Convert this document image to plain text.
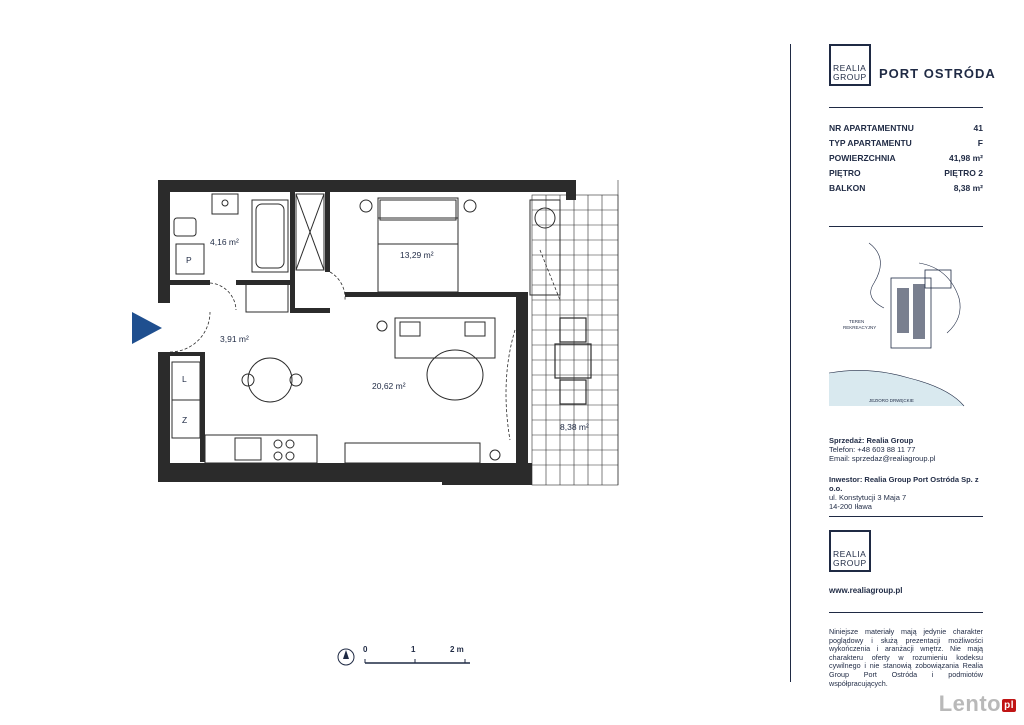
P
L
Z
4,16 m²
13,29 m²
3,91 m²
20,62 m²
8,38 m²
0	1	2 m
REALIA
GROUP PORT OSTRÓDA
NR APARTAMENTNU	41
TYP APARTAMENTU	F
POWIERZCHNIA	41,98 m²
PIĘTRO	PIĘTRO 2
BALKON	8,38 m²
TEREN
REKREACYJNY
JEZIORO DRWĘCKIE
Sprzedaż: Realia Group
Telefon: +48 603 88 11 77
Email: sprzedaz@realiagroup.pl
Inwestor: Realia Group Port Ostróda Sp. z o.o.
ul. Konstytucji 3 Maja 7
14-200 Iława
REALIA
GROUP
www.realiagroup.pl
Niniejsze materiały mają jedynie charakter poglądowy i służą prezentacji możliwości wykończenia i aranżacji wnętrz. Nie mają charakteru oferty w rozumieniu kodeksu cywilnego i nie stanowią zobowiązania Realia Group Port Ostróda i podmiotów współpracujących.
Lento pl
